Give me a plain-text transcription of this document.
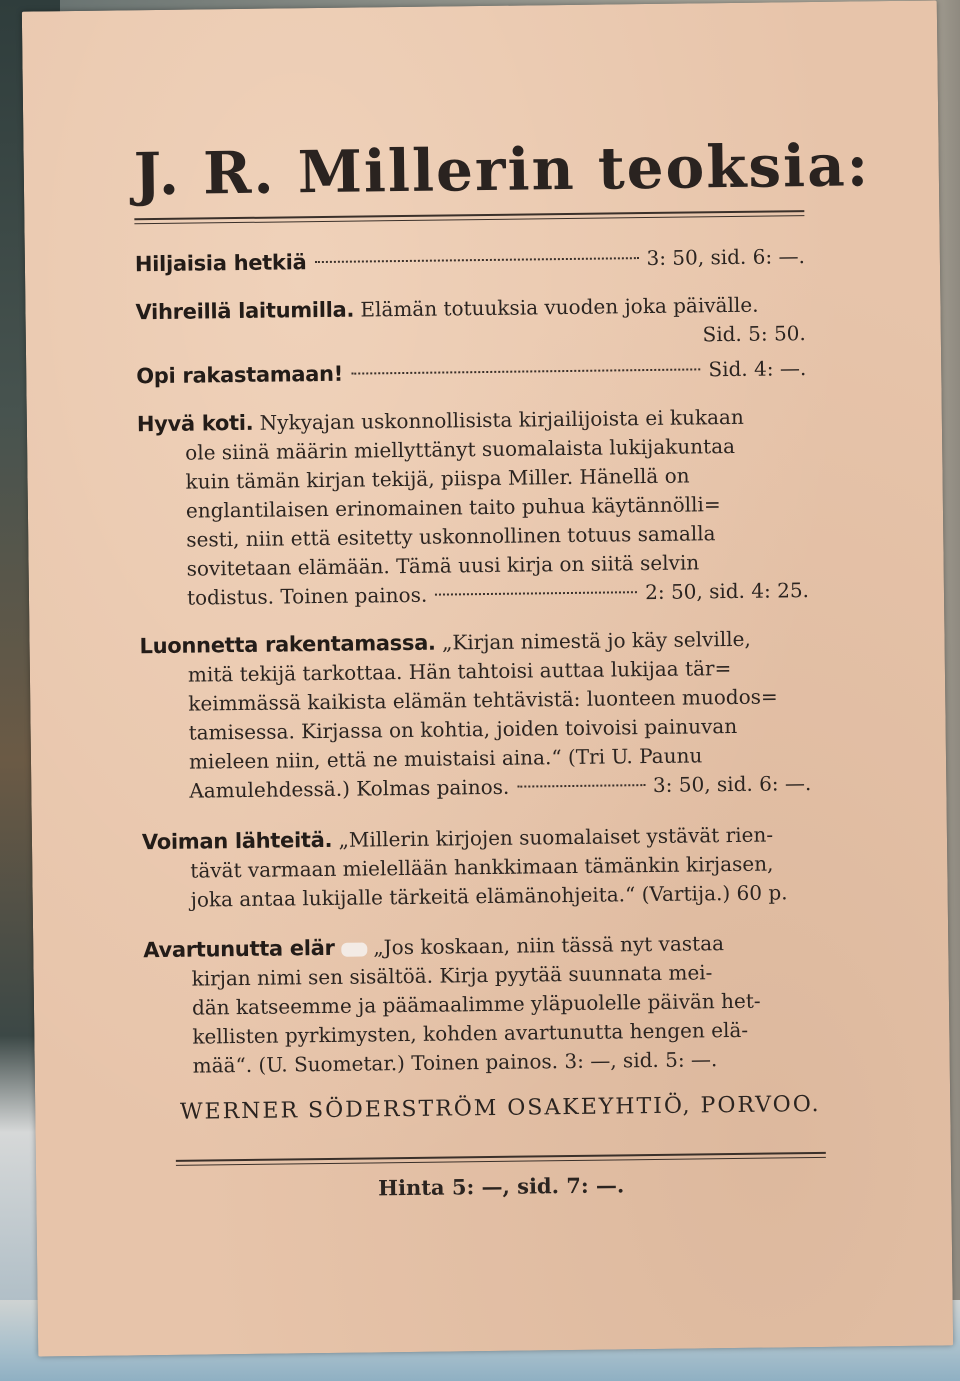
J. R. Millerin teoksia:
Hiljaisia hetkiä	3: 50, sid. 6: —.
Vihreillä laitumilla. Elämän totuuksia vuoden joka päivälle.
Sid. 5: 50.
Opi rakastamaan!	Sid. 4: —.
Hyvä koti. Nykyajan uskonnollisista kirjailijoista ei kukaan
ole siinä määrin miellyttänyt suomalaista lukijakuntaa
kuin tämän kirjan tekijä, piispa Miller. Hänellä on
englantilaisen erinomainen taito puhua käytännölli=
sesti, niin että esitetty uskonnollinen totuus samalla
sovitetaan elämään. Tämä uusi kirja on siitä selvin
todistus. Toinen painos.	2: 50, sid. 4: 25.
Luonnetta rakentamassa. „Kirjan nimestä jo käy selville,
mitä tekijä tarkottaa. Hän tahtoisi auttaa lukijaa tär=
keimmässä kaikista elämän tehtävistä: luonteen muodos=
tamisessa. Kirjassa on kohtia, joiden toivoisi painuvan
mieleen niin, että ne muistaisi aina.“ (Tri U. Paunu
Aamulehdessä.) Kolmas painos.	3: 50, sid. 6: —.
Voiman lähteitä. „Millerin kirjojen suomalaiset ystävät rien-
tävät varmaan mielellään hankkimaan tämänkin kirjasen,
joka antaa lukijalle tärkeitä elämänohjeita.“ (Vartija.) 60 p.
Avartunutta elär „Jos koskaan, niin tässä nyt vastaa
kirjan nimi sen sisältöä. Kirja pyytää suunnata mei-
dän katseemme ja päämaalimme yläpuolelle päivän het-
kellisten pyrkimysten, kohden avartunutta hengen elä-
mää“. (U. Suometar.) Toinen painos. 3: —, sid. 5: —.
WERNER SÖDERSTRÖM OSAKEYHTIÖ, PORVOO.
Hinta 5: —, sid. 7: —.
